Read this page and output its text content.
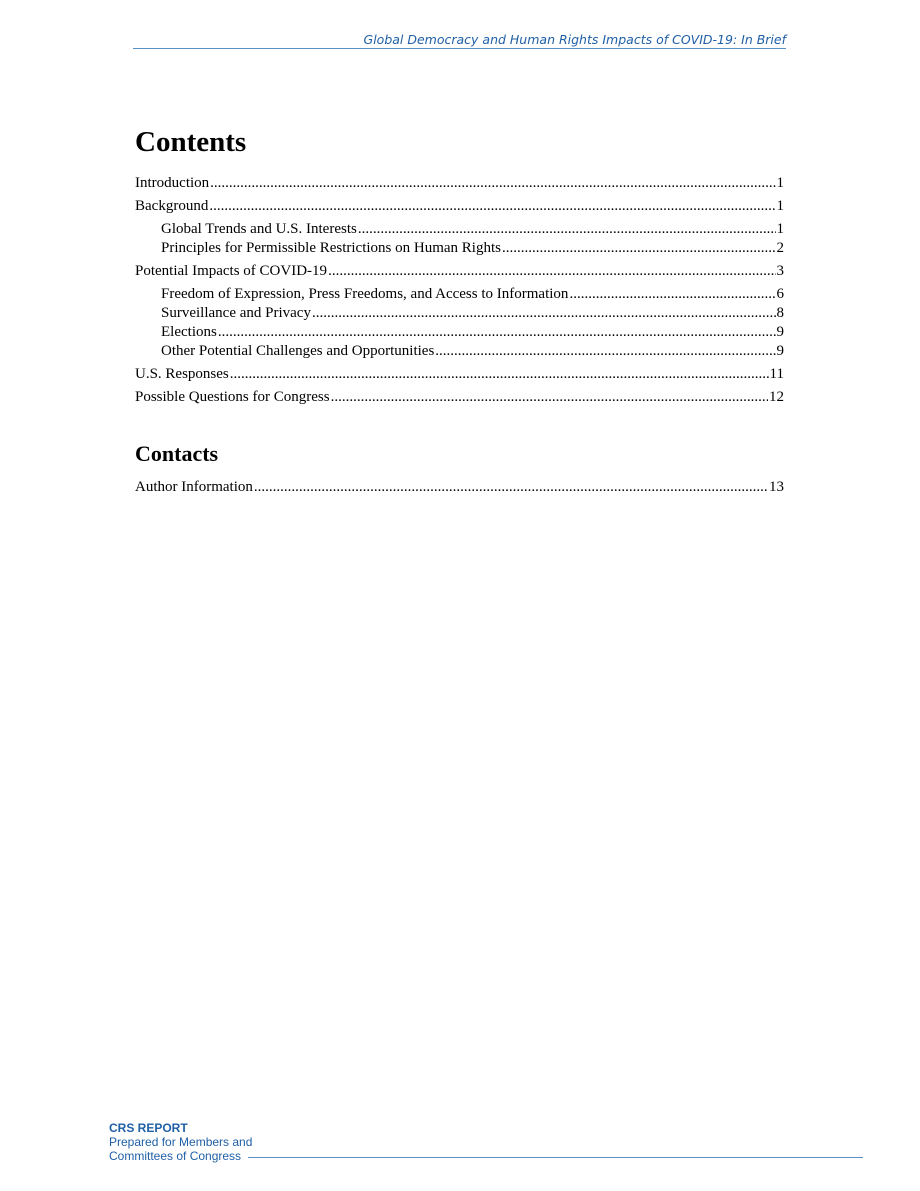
Global Democracy and Human Rights Impacts of COVID-19: In Brief
Contents
Introduction .....	1
Background .....	1
Global Trends and U.S. Interests .....	1
Principles for Permissible Restrictions on Human Rights .....	2
Potential Impacts of COVID-19 .....	3
Freedom of Expression, Press Freedoms, and Access to Information .....	6
Surveillance and Privacy .....	8
Elections .....	9
Other Potential Challenges and Opportunities .....	9
U.S. Responses .....	11
Possible Questions for Congress .....	12
Contacts
Author Information .....	13
CRS REPORT
Prepared for Members and
Committees of Congress
